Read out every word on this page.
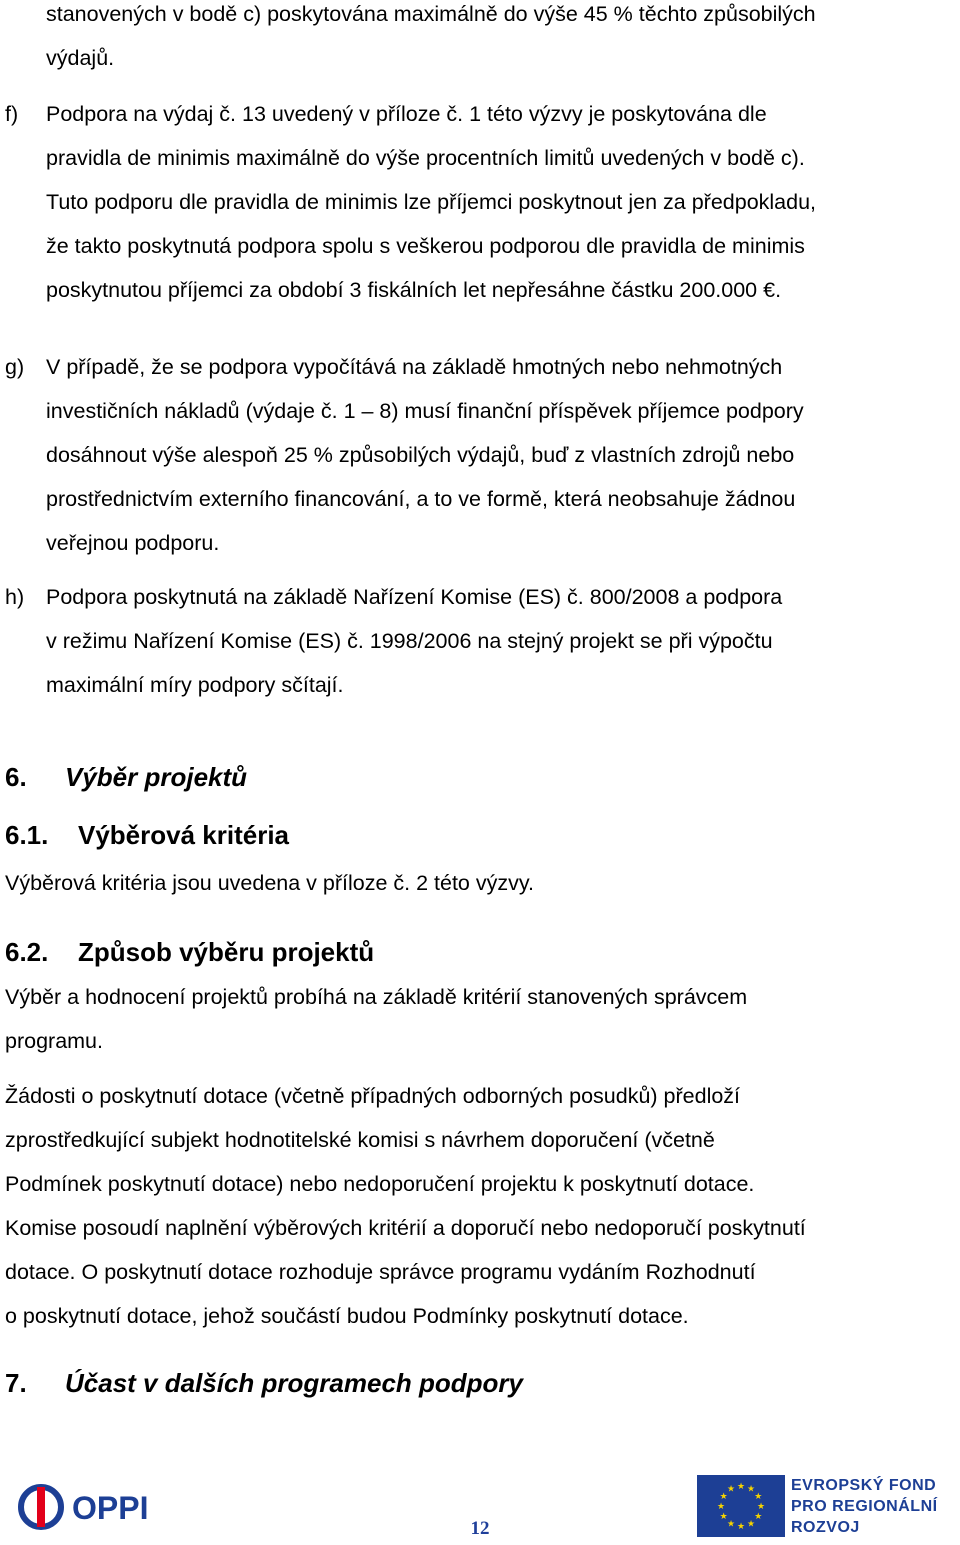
stanovených v bodě c) poskytována maximálně do výše 45 % těchto způsobilých
výdajů.
f) Podpora na výdaj č. 13 uvedený v příloze č. 1 této výzvy je poskytována dle
pravidla de minimis maximálně do výše procentních limitů uvedených v bodě c).
Tuto podporu dle pravidla de minimis lze příjemci poskytnout jen za předpokladu,
že takto poskytnutá podpora spolu s veškerou podporou dle pravidla de minimis
poskytnutou příjemci za období 3 fiskálních let nepřesáhne částku 200.000 €.
g) V případě, že se podpora vypočítává na základě hmotných nebo nehmotných
investičních nákladů (výdaje č. 1 – 8) musí finanční příspěvek příjemce podpory
dosáhnout výše alespoň 25 % způsobilých výdajů, buď z vlastních zdrojů nebo
prostřednictvím externího financování, a to ve formě, která neobsahuje žádnou
veřejnou podporu.
h) Podpora poskytnutá na základě Nařízení Komise (ES) č. 800/2008 a podpora
v režimu Nařízení Komise (ES) č. 1998/2006 na stejný projekt se při výpočtu
maximální míry podpory sčítají.
6. Výběr projektů
6.1. Výběrová kritéria
Výběrová kritéria jsou uvedena v příloze č. 2 této výzvy.
6.2. Způsob výběru projektů
Výběr a hodnocení projektů probíhá na základě kritérií stanovených správcem
programu.
Žádosti o poskytnutí dotace (včetně případných odborných posudků) předloží
zprostředkující subjekt hodnotitelské komisi s návrhem doporučení (včetně
Podmínek poskytnutí dotace) nebo nedoporučení projektu k poskytnutí dotace.
Komise posoudí naplnění výběrových kritérií a doporučí nebo nedoporučí poskytnutí
dotace. O poskytnutí dotace rozhoduje správce programu vydáním Rozhodnutí
o poskytnutí dotace, jehož součástí budou Podmínky poskytnutí dotace.
7. Účast v dalších programech podpory
OPPI
12
★ ★
★
★
★
★
★
★
★
★
★
★	EVROPSKÝ FOND
PRO REGIONÁLNÍ
ROZVOJ
